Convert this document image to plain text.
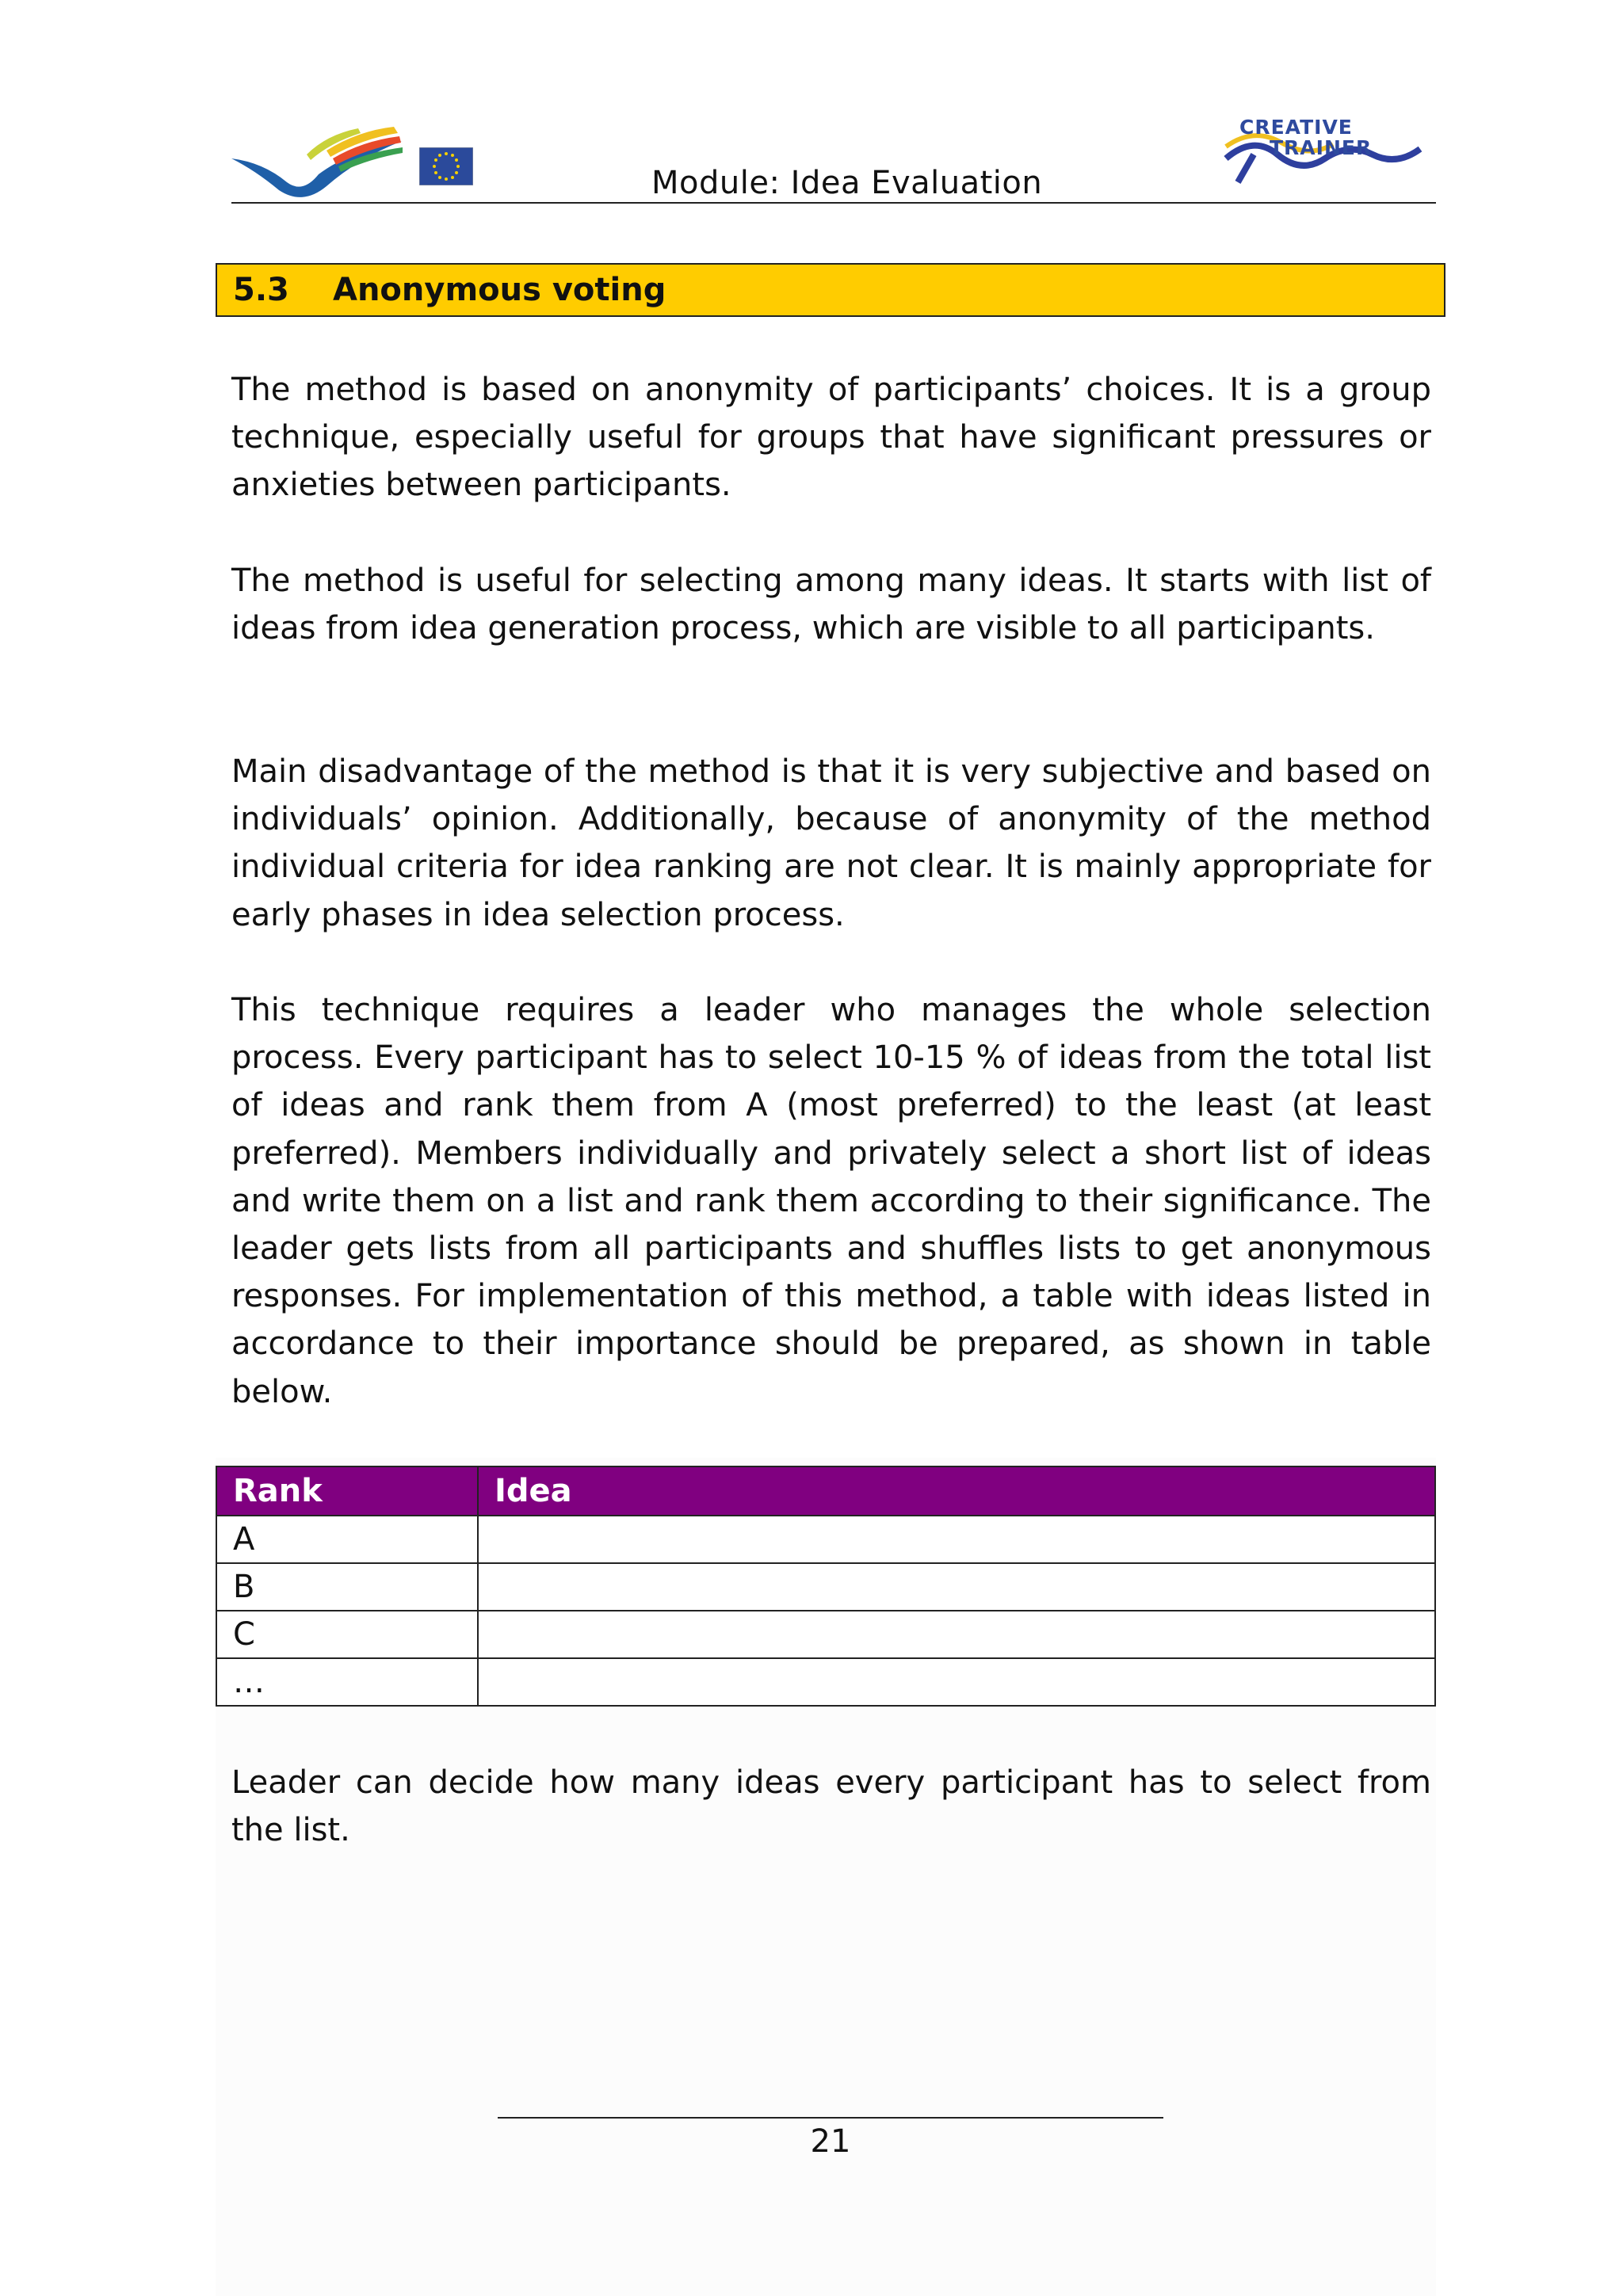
Module: Idea Evaluation
CREATIVE
TRAINER
5.3	Anonymous voting
The method is based on anonymity of participants’ choices. It is a group technique, especially useful for groups that have significant pressures or anxieties between participants.
The method is useful for selecting among many ideas. It starts with list of ideas from idea generation process, which are visible to all participants.
Main disadvantage of the method is that it is very subjective and based on individuals’ opinion. Additionally, because of anonymity of the method individual criteria for idea ranking are not clear. It is mainly appropriate for early phases in idea selection process.
This technique requires a leader who manages the whole selection process. Every participant has to select 10-15 % of ideas from the total list of ideas and rank them from A (most preferred) to the least (at least preferred). Members individually and privately select a short list of ideas and write them on a list and rank them according to their significance. The leader gets lists from all participants and shuffles lists to get anonymous responses. For implementation of this method, a table with ideas listed in accordance to their importance should be prepared, as shown in table below.
Rank	Idea
A	
B	
C	
…	
Leader can decide how many ideas every participant has to select from the list.
21
